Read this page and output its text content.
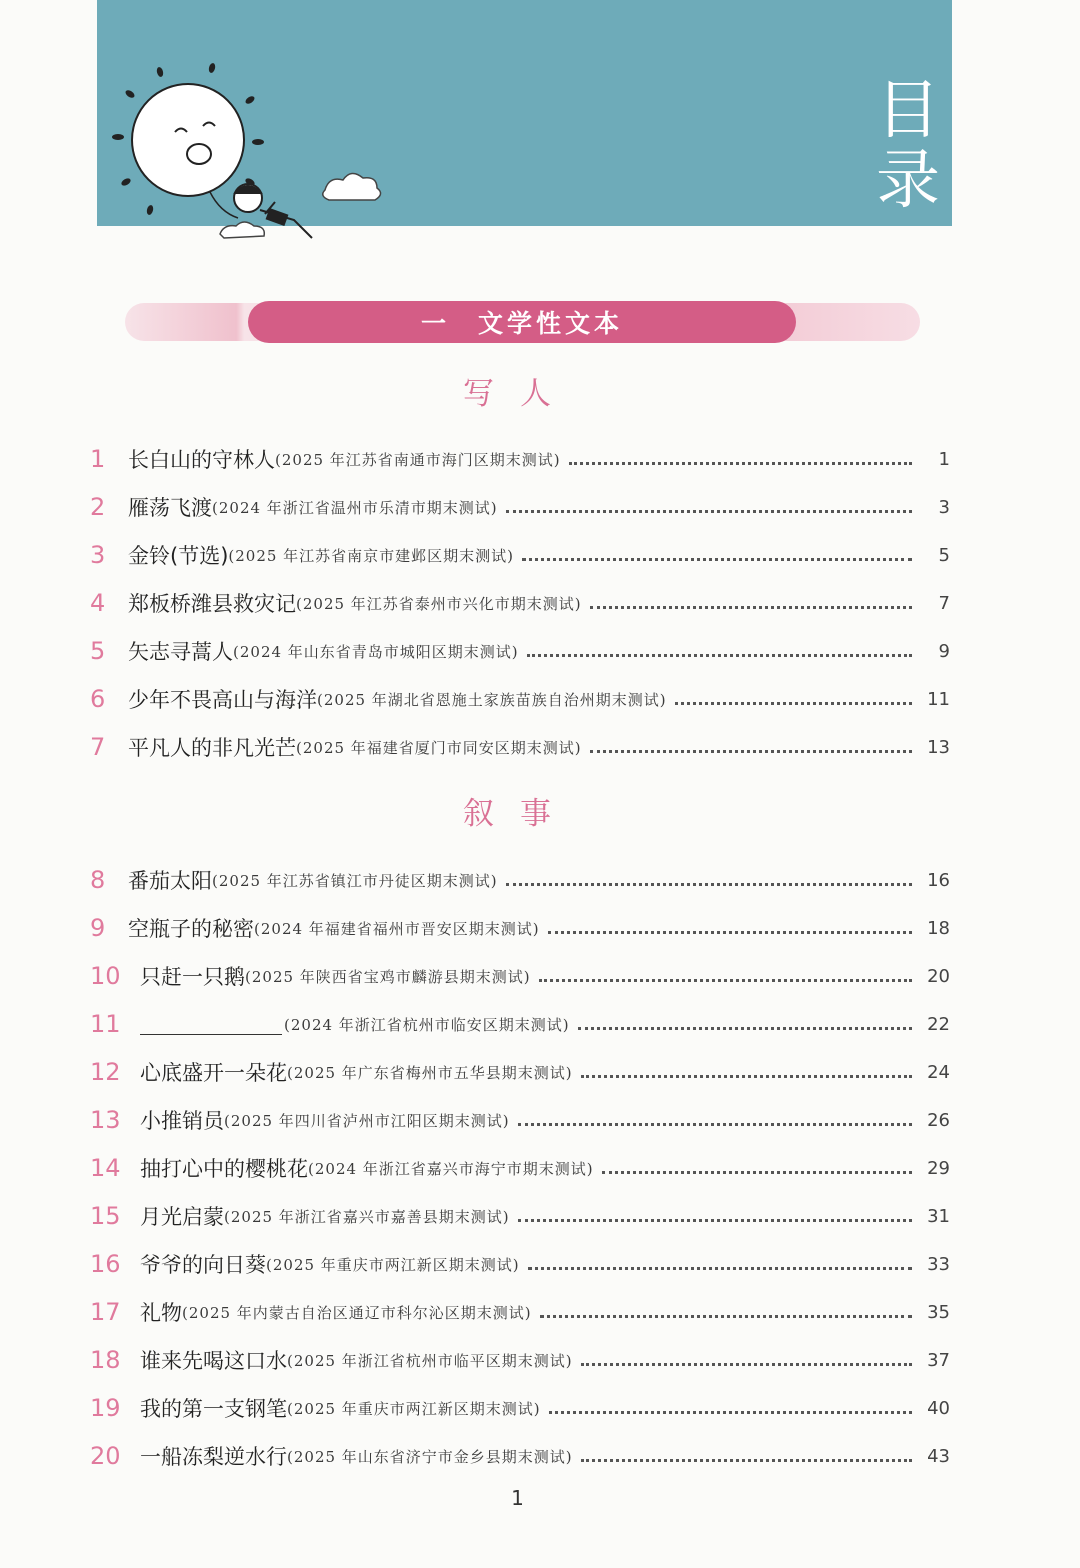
目
录
一 文学性文本
写人
1	长白山的守林人 (2025 年江苏省南通市海门区期末测试)	1
2	雁荡飞渡 (2024 年浙江省温州市乐清市期末测试)	3
3	金铃(节选) (2025 年江苏省南京市建邺区期末测试)	5
4	郑板桥潍县救灾记 (2025 年江苏省泰州市兴化市期末测试)	7
5	矢志寻蒿人 (2024 年山东省青岛市城阳区期末测试)	9
6	少年不畏高山与海洋 (2025 年湖北省恩施土家族苗族自治州期末测试)	11
7	平凡人的非凡光芒 (2025 年福建省厦门市同安区期末测试)	13
叙事
8	番茄太阳 (2025 年江苏省镇江市丹徒区期末测试)	16
9	空瓶子的秘密 (2024 年福建省福州市晋安区期末测试)	18
10 只赶一只鹅 (2025 年陕西省宝鸡市麟游县期末测试)	20
11	(2024 年浙江省杭州市临安区期末测试)	22
12 心底盛开一朵花 (2025 年广东省梅州市五华县期末测试)	24
13 小推销员 (2025 年四川省泸州市江阳区期末测试)	26
14 抽打心中的樱桃花 (2024 年浙江省嘉兴市海宁市期末测试)	29
15 月光启蒙 (2025 年浙江省嘉兴市嘉善县期末测试)	31
16 爷爷的向日葵 (2025 年重庆市两江新区期末测试)	33
17 礼物 (2025 年内蒙古自治区通辽市科尔沁区期末测试)	35
18 谁来先喝这口水 (2025 年浙江省杭州市临平区期末测试)	37
19 我的第一支钢笔 (2025 年重庆市两江新区期末测试)	40
20 一船冻梨逆水行 (2025 年山东省济宁市金乡县期末测试)	43
1
